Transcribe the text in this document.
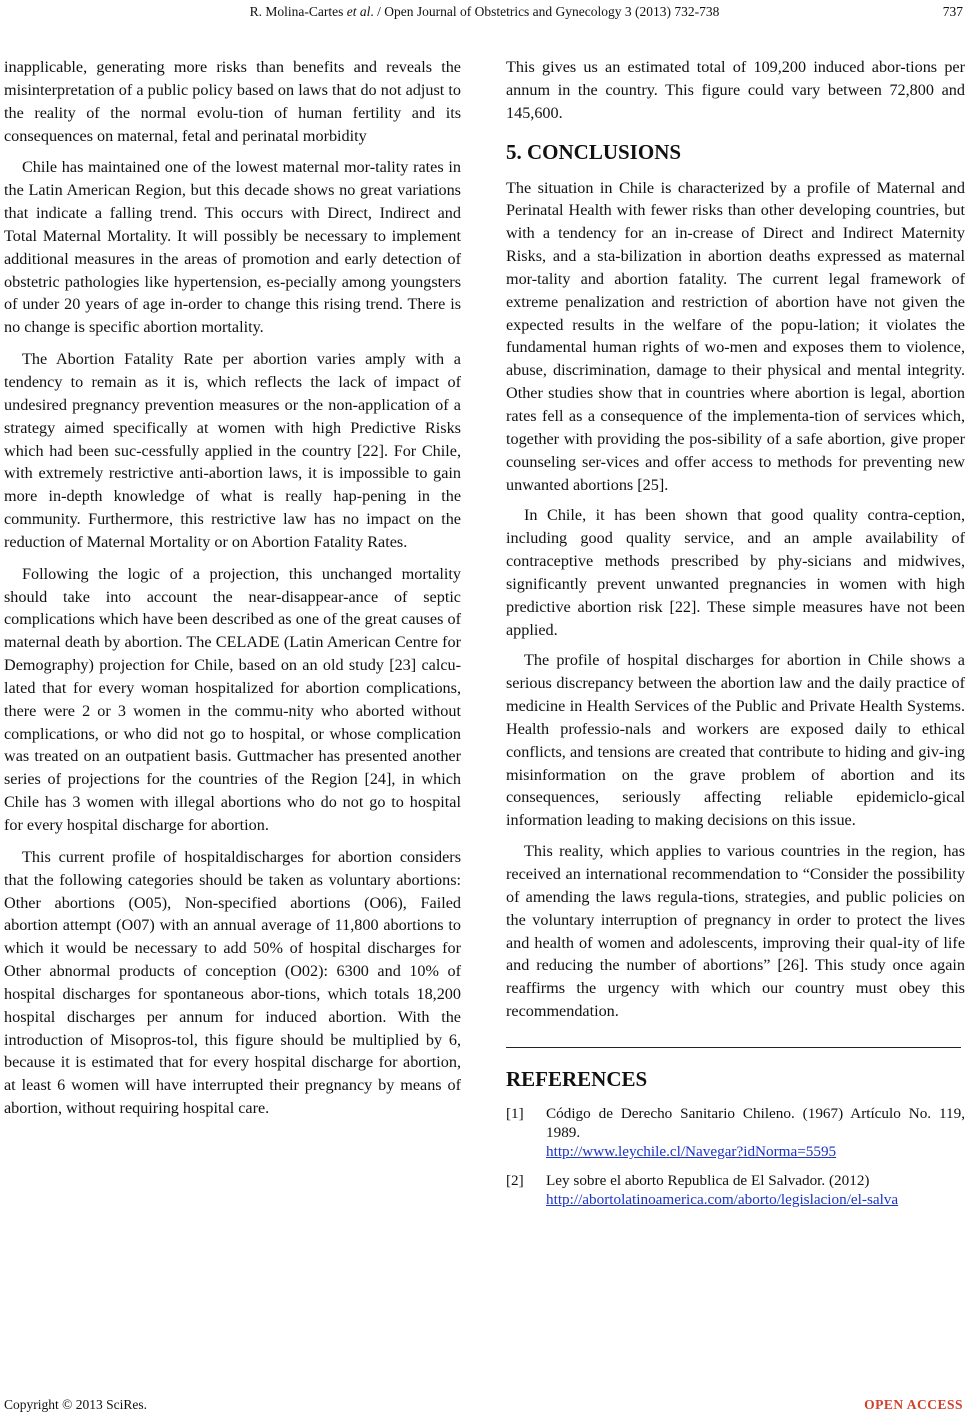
R. Molina-Cartes et al. / Open Journal of Obstetrics and Gynecology 3 (2013) 732-738	737

inapplicable, generating more risks than benefits and reveals the misinterpretation of a public policy based on laws that do not adjust to the reality of the normal evolu-tion of human fertility and its consequences on maternal, fetal and perinatal morbidity

Chile has maintained one of the lowest maternal mor-tality rates in the Latin American Region, but this decade shows no great variations that indicate a falling trend. This occurs with Direct, Indirect and Total Maternal Mortality. It will possibly be necessary to implement additional measures in the areas of promotion and early detection of obstetric pathologies like hypertension, es-pecially among youngsters of under 20 years of age in-order to change this rising trend. There is no change is specific abortion mortality.

The Abortion Fatality Rate per abortion varies amply with a tendency to remain as it is, which reflects the lack of impact of undesired pregnancy prevention measures or the non-application of a strategy aimed specifically at women with high Predictive Risks which had been suc-cessfully applied in the country [22]. For Chile, with extremely restrictive anti-abortion laws, it is impossible to gain more in-depth knowledge of what is really hap-pening in the community. Furthermore, this restrictive law has no impact on the reduction of Maternal Mortality or on Abortion Fatality Rates.

Following the logic of a projection, this unchanged mortality should take into account the near-disappear-ance of septic complications which have been described as one of the great causes of maternal death by abortion. The CELADE (Latin American Centre for Demography) projection for Chile, based on an old study [23] calcu-lated that for every woman hospitalized for abortion complications, there were 2 or 3 women in the commu-nity who aborted without complications, or who did not go to hospital, or whose complication was treated on an outpatient basis. Guttmacher has presented another series of projections for the countries of the Region [24], in which Chile has 3 women with illegal abortions who do not go to hospital for every hospital discharge for abortion.

This current profile of hospitaldischarges for abortion considers that the following categories should be taken as voluntary abortions: Other abortions (O05), Non-specified abortions (O06), Failed abortion attempt (O07) with an annual average of 11,800 abortions to which it would be necessary to add 50% of hospital discharges for Other abnormal products of conception (O02): 6300 and 10% of hospital discharges for spontaneous abor-tions, which totals 18,200 hospital discharges per annum for induced abortion. With the introduction of Misopros-tol, this figure should be multiplied by 6, because it is estimated that for every hospital discharge for abortion, at least 6 women will have interrupted their pregnancy by means of abortion, without requiring hospital care.

This gives us an estimated total of 109,200 induced abor-tions per annum in the country. This figure could vary between 72,800 and 145,600.

5. CONCLUSIONS

The situation in Chile is characterized by a profile of Maternal and Perinatal Health with fewer risks than other developing countries, but with a tendency for an in-crease of Direct and Indirect Maternity Risks, and a sta-bilization in abortion deaths expressed as maternal mor-tality and abortion fatality. The current legal framework of extreme penalization and restriction of abortion have not given the expected results in the welfare of the popu-lation; it violates the fundamental human rights of wo-men and exposes them to violence, abuse, discrimination, damage to their physical and mental integrity. Other studies show that in countries where abortion is legal, abortion rates fell as a consequence of the implementa-tion of services which, together with providing the pos-sibility of a safe abortion, give proper counseling ser-vices and offer access to methods for preventing new unwanted abortions [25].

In Chile, it has been shown that good quality contra-ception, including good quality service, and an ample availability of contraceptive methods prescribed by phy-sicians and midwives, significantly prevent unwanted pregnancies in women with high predictive abortion risk [22]. These simple measures have not been applied.

The profile of hospital discharges for abortion in Chile shows a serious discrepancy between the abortion law and the daily practice of medicine in Health Services of the Public and Private Health Systems. Health professio-nals and workers are exposed daily to ethical conflicts, and tensions are created that contribute to hiding and giv-ing misinformation on the grave problem of abortion and its consequences, seriously affecting reliable epidemiclo-gical information leading to making decisions on this issue.

This reality, which applies to various countries in the region, has received an international recommendation to “Consider the possibility of amending the laws regula-tions, strategies, and public policies on the voluntary interruption of pregnancy in order to protect the lives and health of women and adolescents, improving their qual-ity of life and reducing the number of abortions” [26]. This study once again reaffirms the urgency with which our country must obey this recommendation.

REFERENCES
[1]	Código de Derecho Sanitario Chileno. (1967) Artículo No. 119, 1989.
http://www.leychile.cl/Navegar?idNorma=5595
[2]	Ley sobre el aborto Republica de El Salvador. (2012)
http://abortolatinoamerica.com/aborto/legislacion/el-salva
Copyright © 2013 SciRes.	OPEN ACCESS
